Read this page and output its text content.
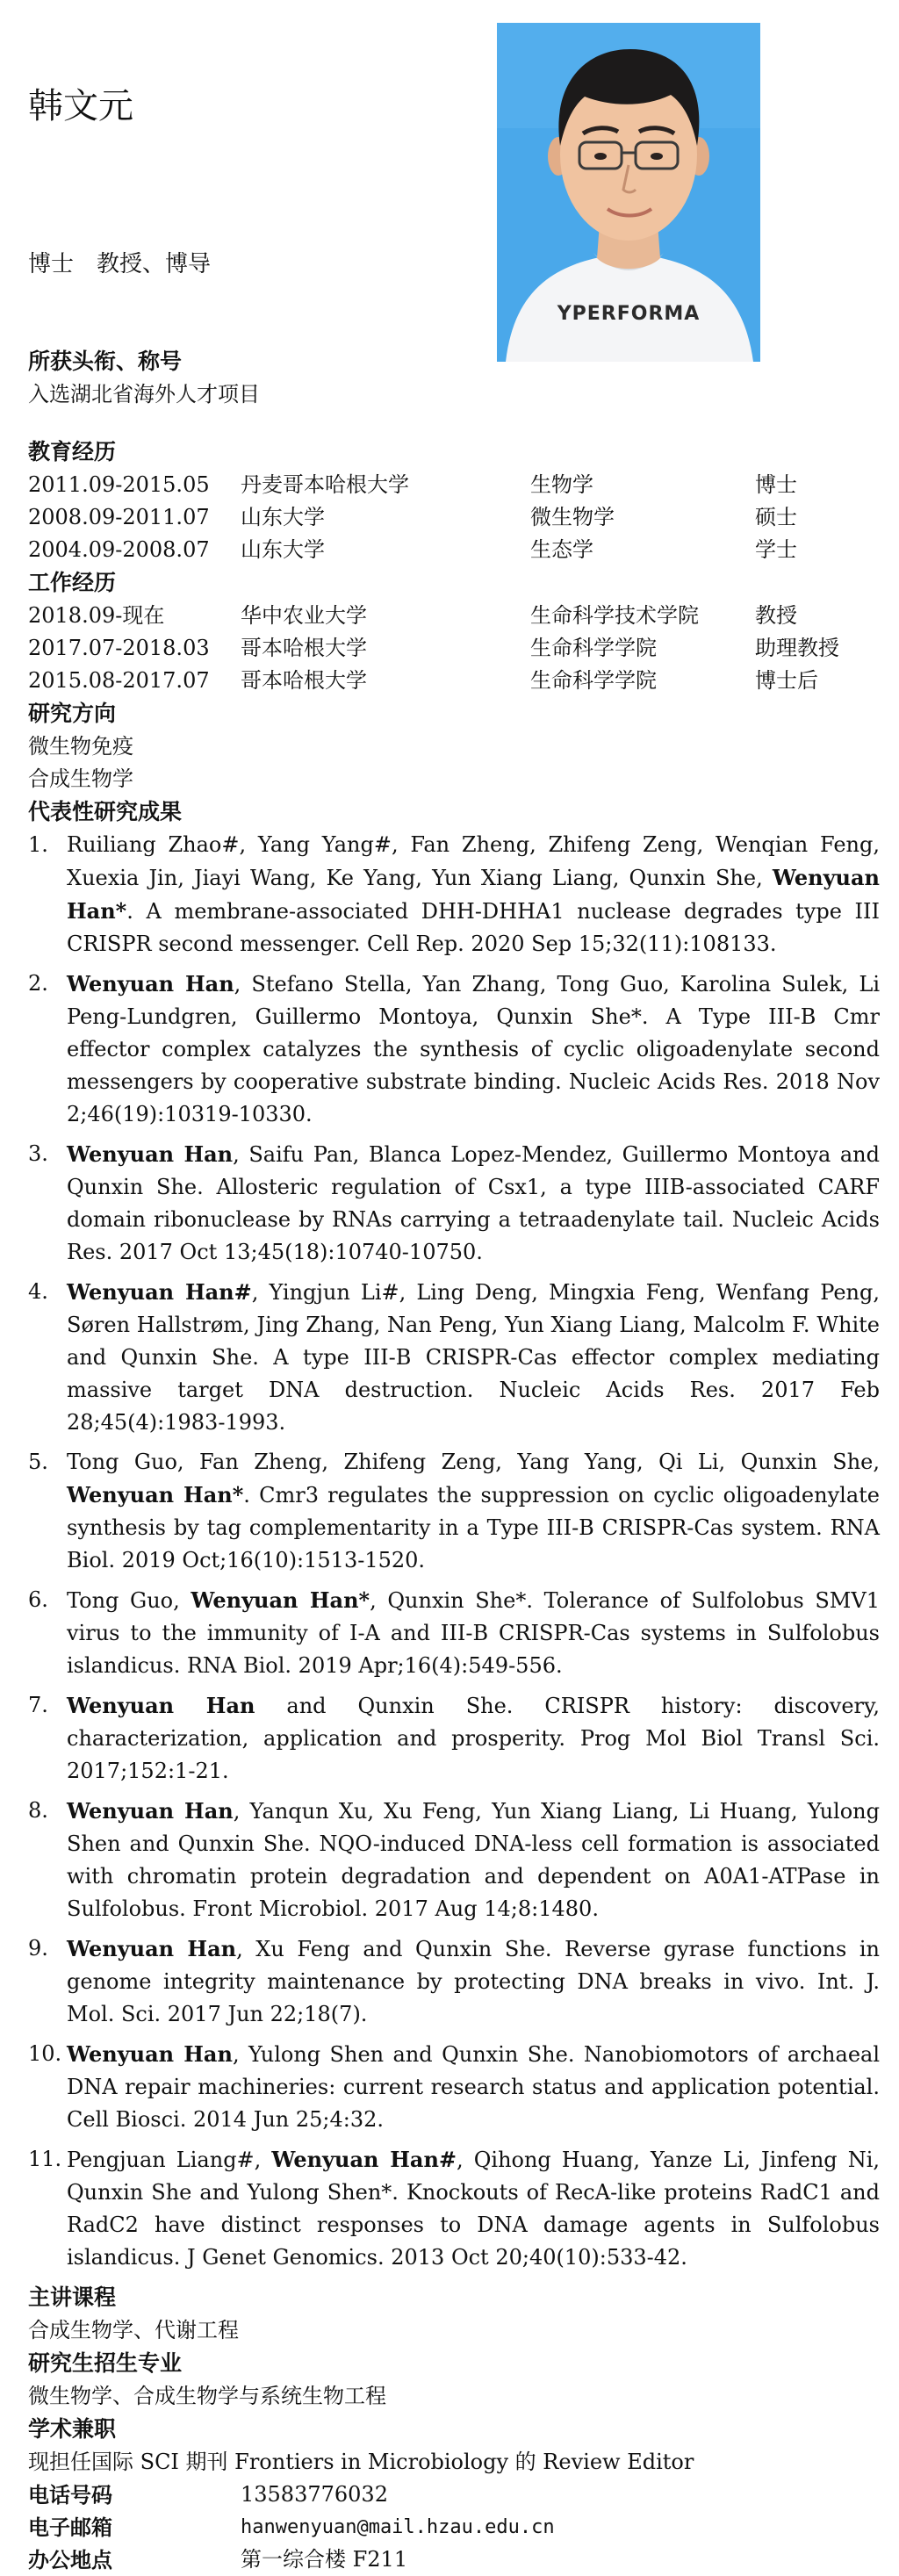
韩文元
博士　教授、博导
YPERFORMA
所获头衔、称号
入选湖北省海外人才项目
教育经历
2011.09-2015.05	丹麦哥本哈根大学	生物学	博士
2008.09-2011.07	山东大学	微生物学	硕士
2004.09-2008.07	山东大学	生态学	学士
工作经历
2018.09-现在	华中农业大学	生命科学技术学院	教授
2017.07-2018.03	哥本哈根大学	生命科学学院	助理教授
2015.08-2017.07	哥本哈根大学	生命科学学院	博士后
研究方向
微生物免疫
合成生物学
代表性研究成果
1. Ruiliang Zhao#, Yang Yang#, Fan Zheng, Zhifeng Zeng, Wenqian Feng, Xuexia Jin, Jiayi Wang, Ke Yang, Yun Xiang Liang, Qunxin She, Wenyuan Han*. A membrane-associated DHH-DHHA1 nuclease degrades type III CRISPR second messenger. Cell Rep. 2020 Sep 15;32(11):108133.
2. Wenyuan Han, Stefano Stella, Yan Zhang, Tong Guo, Karolina Sulek, Li Peng-Lundgren, Guillermo Montoya, Qunxin She*. A Type III-B Cmr effector complex catalyzes the synthesis of cyclic oligoadenylate second messengers by cooperative substrate binding. Nucleic Acids Res. 2018 Nov 2;46(19):10319-10330.
3. Wenyuan Han, Saifu Pan, Blanca Lopez-Mendez, Guillermo Montoya and Qunxin She. Allosteric regulation of Csx1, a type IIIB-associated CARF domain ribonuclease by RNAs carrying a tetraadenylate tail. Nucleic Acids Res. 2017 Oct 13;45(18):10740-10750.
4. Wenyuan Han#, Yingjun Li#, Ling Deng, Mingxia Feng, Wenfang Peng, Søren Hallstrøm, Jing Zhang, Nan Peng, Yun Xiang Liang, Malcolm F. White and Qunxin She. A type III-B CRISPR-Cas effector complex mediating massive target DNA destruction. Nucleic Acids Res. 2017 Feb 28;45(4):1983-1993.
5. Tong Guo, Fan Zheng, Zhifeng Zeng, Yang Yang, Qi Li, Qunxin She, Wenyuan Han*. Cmr3 regulates the suppression on cyclic oligoadenylate synthesis by tag complementarity in a Type III-B CRISPR-Cas system. RNA Biol. 2019 Oct;16(10):1513-1520.
6. Tong Guo, Wenyuan Han*, Qunxin She*. Tolerance of Sulfolobus SMV1 virus to the immunity of I-A and III-B CRISPR-Cas systems in Sulfolobus islandicus. RNA Biol. 2019 Apr;16(4):549-556.
7. Wenyuan Han and Qunxin She. CRISPR history: discovery, characterization, application and prosperity. Prog Mol Biol Transl Sci. 2017;152:1-21.
8. Wenyuan Han, Yanqun Xu, Xu Feng, Yun Xiang Liang, Li Huang, Yulong Shen and Qunxin She. NQO-induced DNA-less cell formation is associated with chromatin protein degradation and dependent on A0A1-ATPase in Sulfolobus. Front Microbiol. 2017 Aug 14;8:1480.
9. Wenyuan Han, Xu Feng and Qunxin She. Reverse gyrase functions in genome integrity maintenance by protecting DNA breaks in vivo. Int. J. Mol. Sci. 2017 Jun 22;18(7).
10. Wenyuan Han, Yulong Shen and Qunxin She. Nanobiomotors of archaeal DNA repair machineries: current research status and application potential. Cell Biosci. 2014 Jun 25;4:32.
11. Pengjuan Liang#, Wenyuan Han#, Qihong Huang, Yanze Li, Jinfeng Ni, Qunxin She and Yulong Shen*. Knockouts of RecA-like proteins RadC1 and RadC2 have distinct responses to DNA damage agents in Sulfolobus islandicus. J Genet Genomics. 2013 Oct 20;40(10):533-42.
主讲课程
合成生物学、代谢工程
研究生招生专业
微生物学、合成生物学与系统生物工程
学术兼职
现担任国际 SCI 期刊 Frontiers in Microbiology 的 Review Editor
电话号码	13583776032
电子邮箱	hanwenyuan@mail.hzau.edu.cn
办公地点	第一综合楼 F211
